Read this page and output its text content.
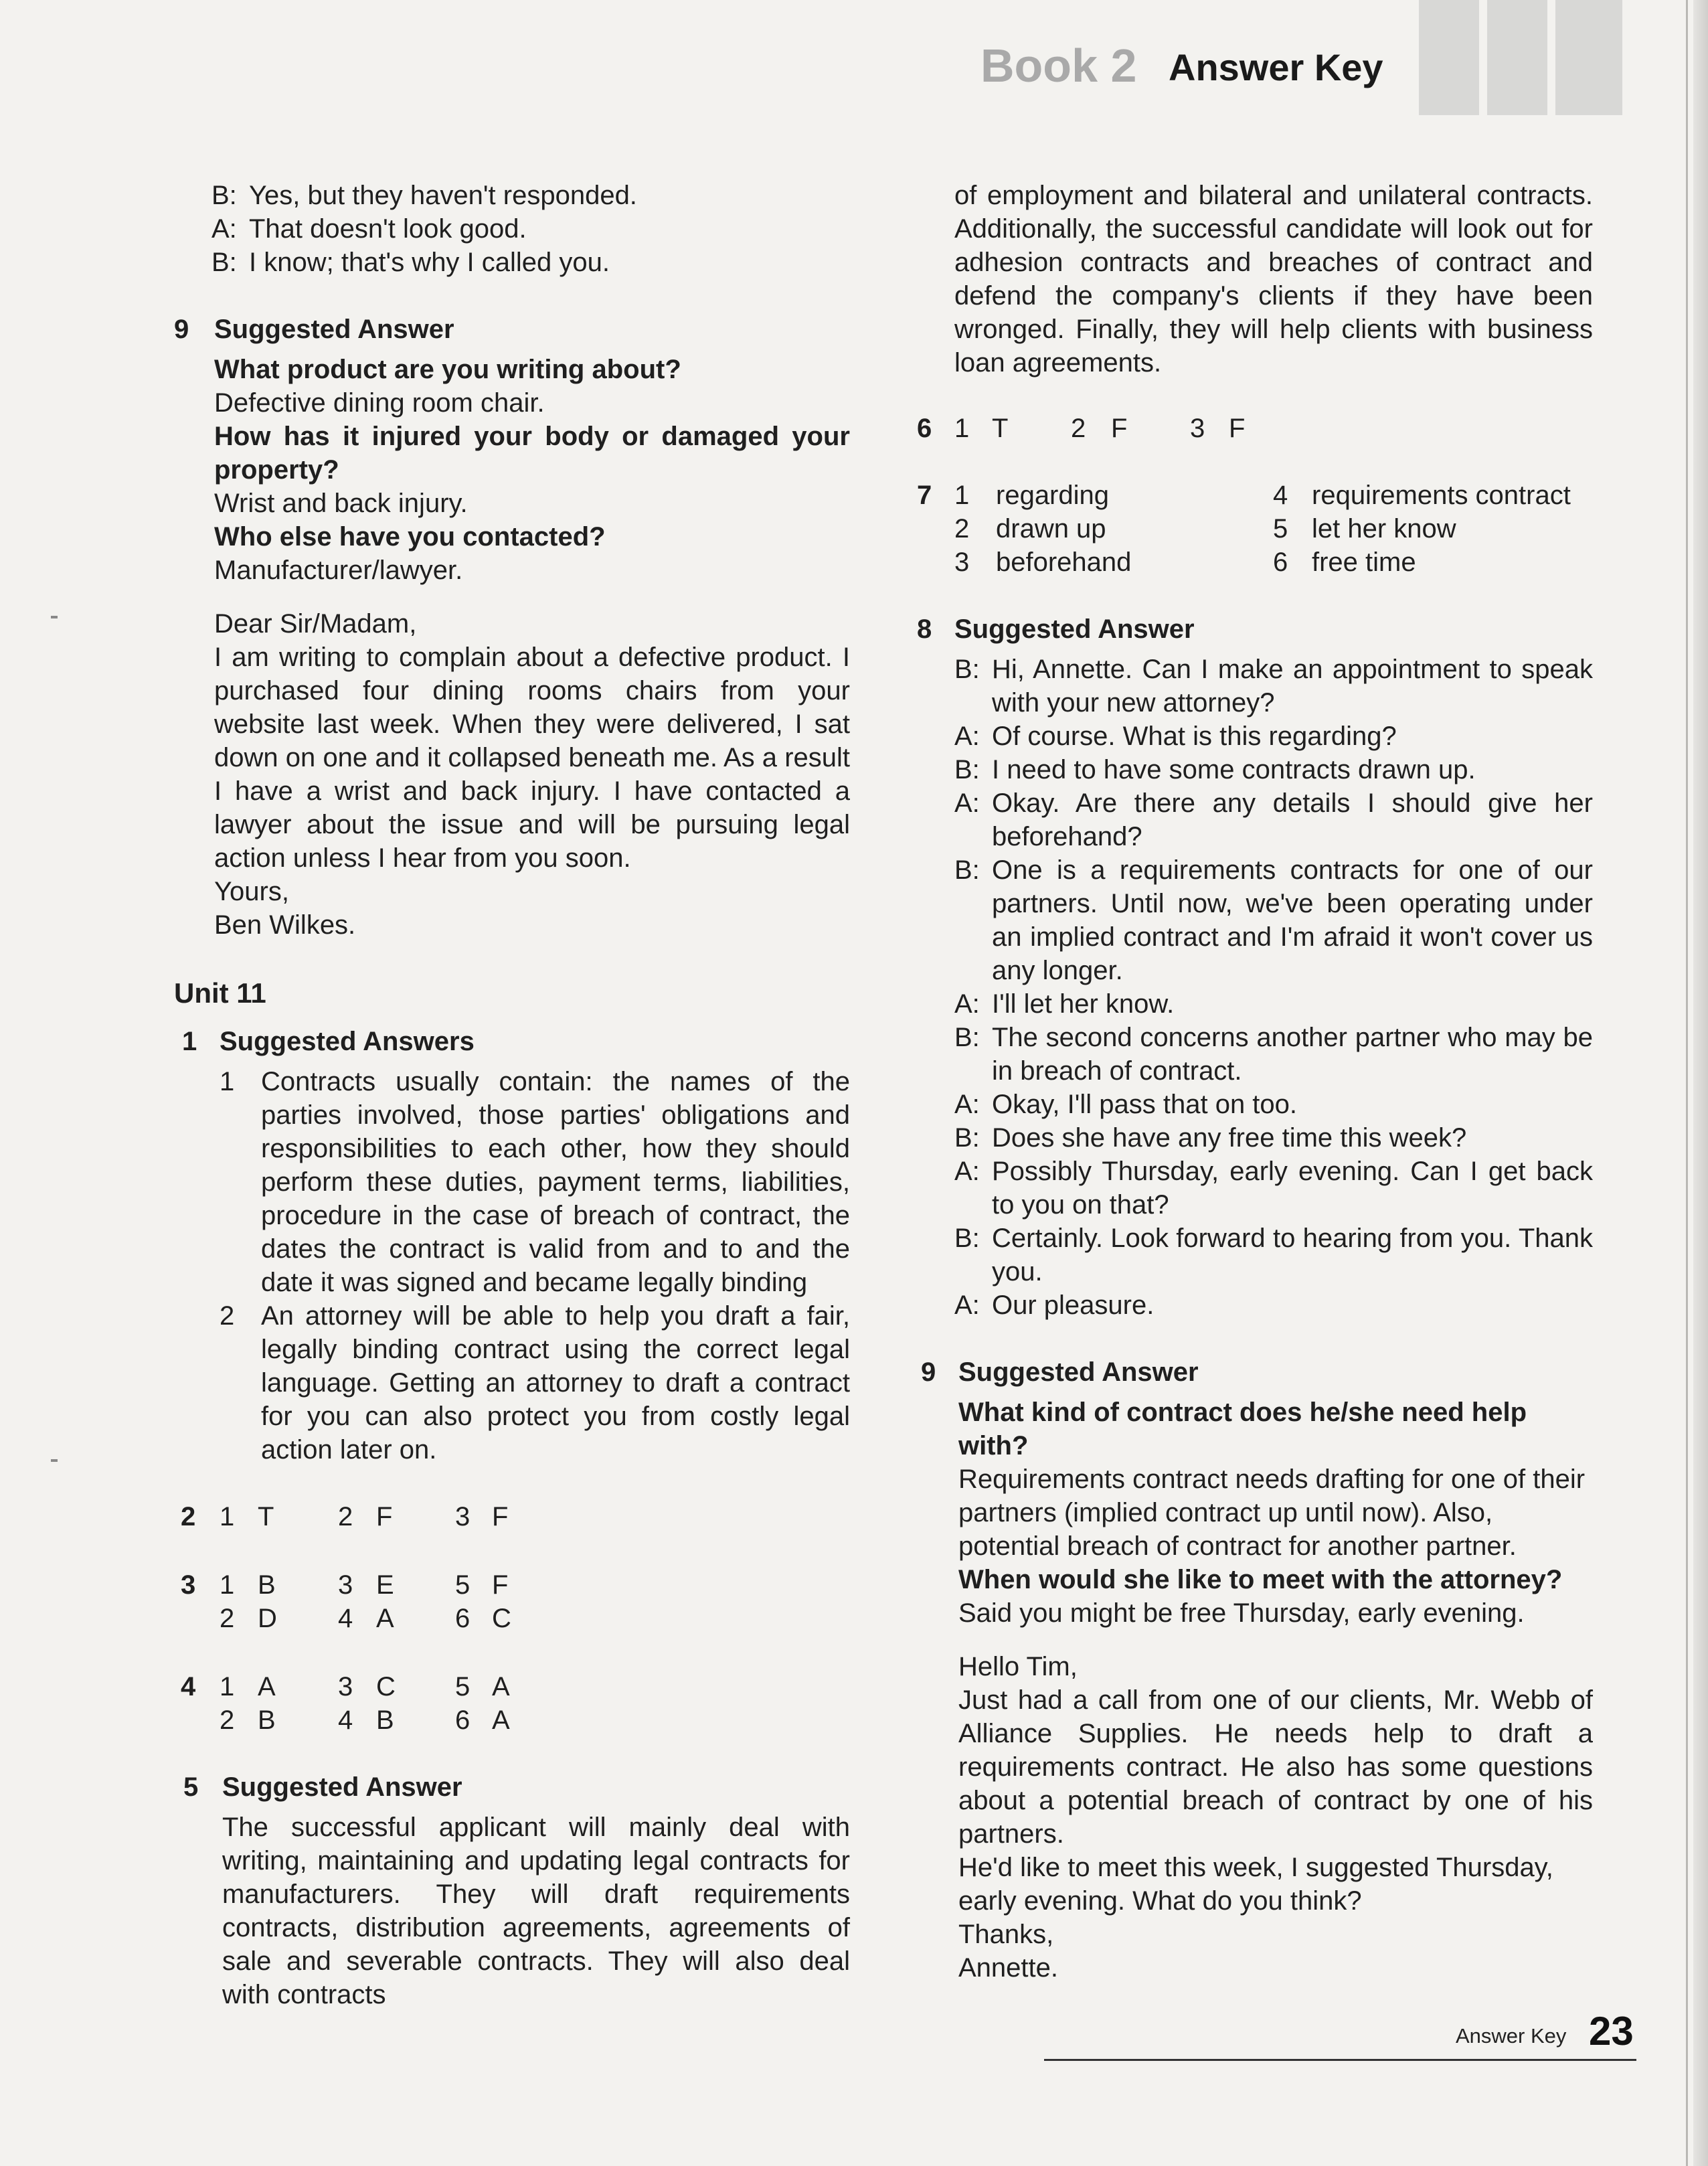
Book 2 Answer Key
B: Yes, but they haven't responded.
A: That doesn't look good.
B: I know; that's why I called you.
9 Suggested Answer

What product are you writing about?

Defective dining room chair.

How has it injured your body or damaged your property?

Wrist and back injury.

Who else have you contacted?

Manufacturer/lawyer.

Dear Sir/Madam,

I am writing to complain about a defective product. I purchased four dining rooms chairs from your website last week. When they were delivered, I sat down on one and it collapsed beneath me. As a result I have a wrist and back injury. I have contacted a lawyer about the issue and will be pursuing legal action unless I hear from you soon.

Yours,

Ben Wilkes.

Unit 11

1 Suggested Answers

1 Contracts usually contain: the names of the parties involved, those parties' obligations and responsibilities to each other, how they should perform these duties, payment terms, liabilities, procedure in the case of breach of contract, the dates the contract is valid from and to and the date it was signed and became legally binding

2 An attorney will be able to help you draft a fair, legally binding contract using the correct legal language. Getting an attorney to draft a contract for you can also protect you from costly legal action later on.

2 1 T 2 F 3 F
3 1 B 3 E 5 F
2 D 4 A 6 C
4 1 A 3 C 5 A
2 B 4 B 6 A
5 Suggested Answer

The successful applicant will mainly deal with writing, maintaining and updating legal contracts for manufacturers. They will draft requirements contracts, distribution agreements, agreements of sale and severable contracts. They will also deal with contracts

of employment and bilateral and unilateral contracts. Additionally, the successful candidate will look out for adhesion contracts and breaches of contract and defend the company's clients if they have been wronged. Finally, they will help clients with business loan agreements.

6 1 T 2 F 3 F
7 1 regarding	4 requirements contract
2 drawn up	5 let her know
3 beforehand	6 free time
8 Suggested Answer

B: Hi, Annette. Can I make an appointment to speak with your new attorney?
A: Of course. What is this regarding?
B: I need to have some contracts drawn up.
A: Okay. Are there any details I should give her beforehand?
B: One is a requirements contracts for one of our partners. Until now, we've been operating under an implied contract and I'm afraid it won't cover us any longer.
A: I'll let her know.
B: The second concerns another partner who may be in breach of contract.
A: Okay, I'll pass that on too.
B: Does she have any free time this week?
A: Possibly Thursday, early evening. Can I get back to you on that?
B: Certainly. Look forward to hearing from you. Thank you.
A: Our pleasure.
9 Suggested Answer

What kind of contract does he/she need help with?

Requirements contract needs drafting for one of their partners (implied contract up until now). Also, potential breach of contract for another partner.

When would she like to meet with the attorney?

Said you might be free Thursday, early evening.

Hello Tim,

Just had a call from one of our clients, Mr. Webb of Alliance Supplies. He needs help to draft a requirements contract. He also has some questions about a potential breach of contract by one of his partners.

He'd like to meet this week, I suggested Thursday, early evening. What do you think?

Thanks,

Annette.

Answer Key 23
